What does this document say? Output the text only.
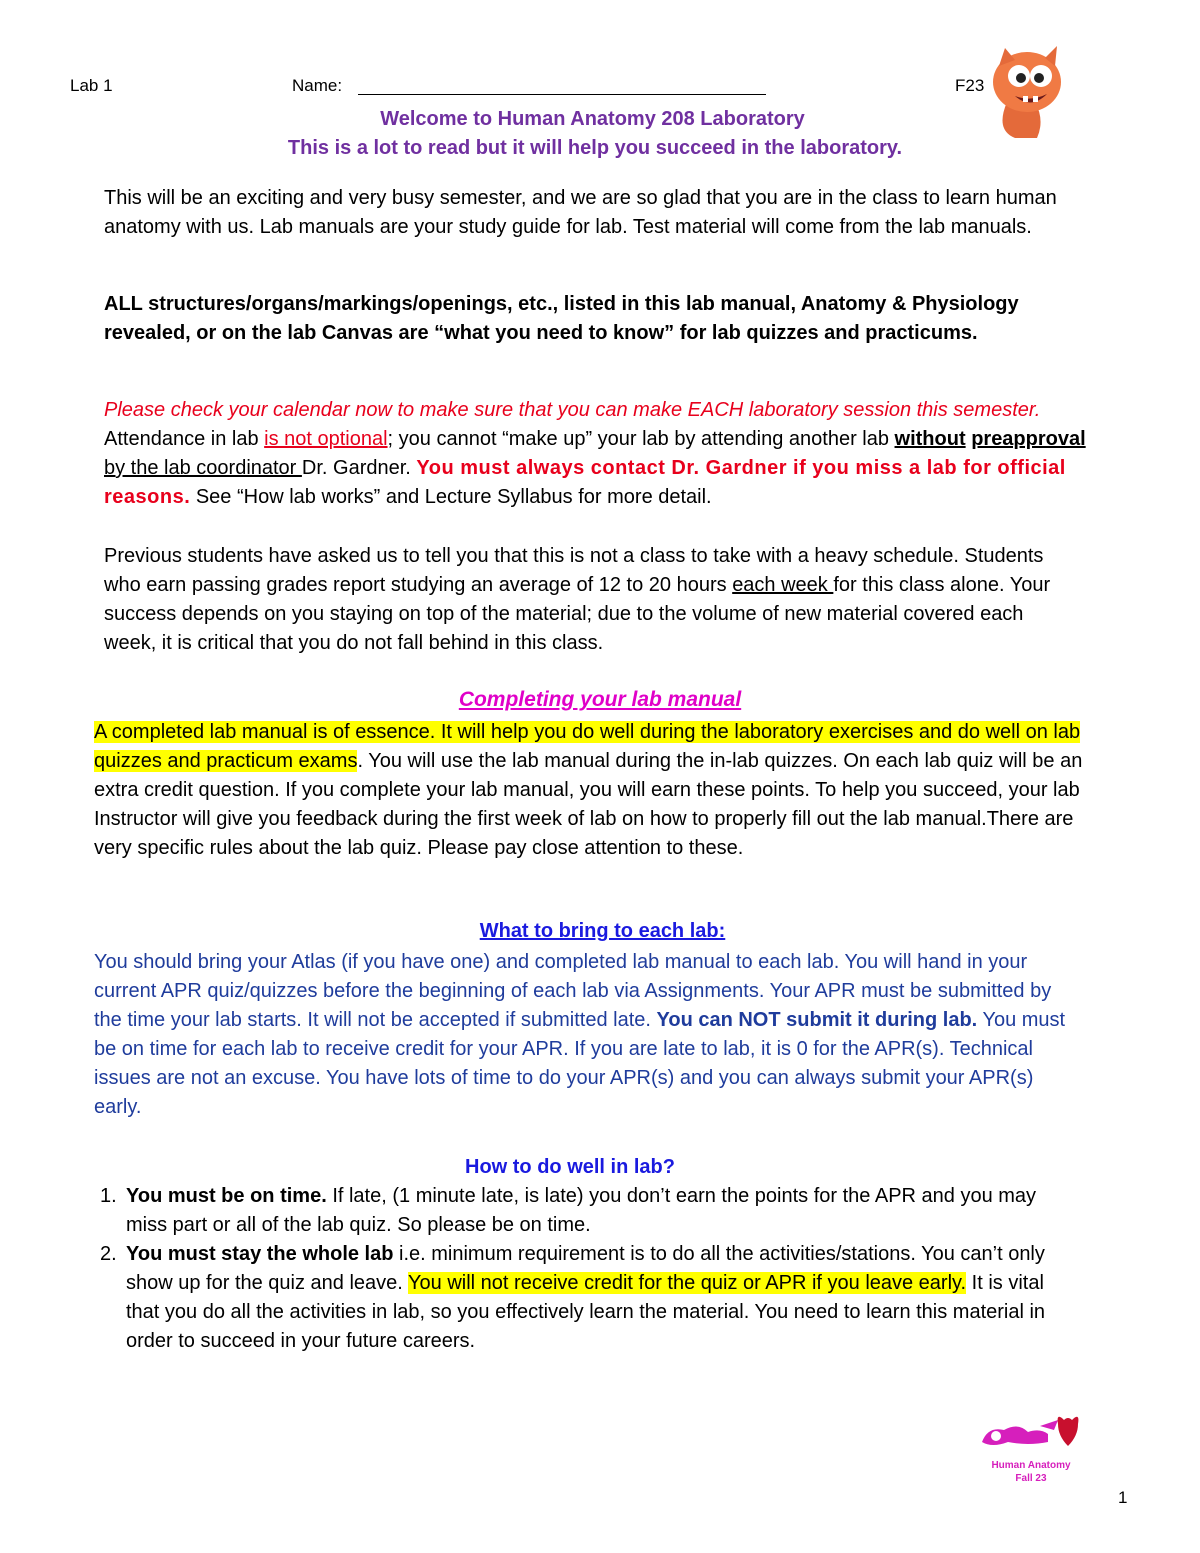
Lab 1	Name:	F23
Welcome to Human Anatomy 208 Laboratory
This is a lot to read but it will help you succeed in the laboratory.
This will be an exciting and very busy semester, and we are so glad that you are in the class to learn human anatomy with us. Lab manuals are your study guide for lab. Test material will come from the lab manuals.
ALL structures/organs/markings/openings, etc., listed in this lab manual, Anatomy & Physiology revealed, or on the lab Canvas are “what you need to know” for lab quizzes and practicums.
Please check your calendar now to make sure that you can make EACH laboratory session this semester.
Attendance in lab is not optional; you cannot “make up” your lab by attending another lab without preapproval by the lab coordinator Dr. Gardner. You must always contact Dr. Gardner if you miss a lab for official reasons. See “How lab works” and Lecture Syllabus for more detail.
Previous students have asked us to tell you that this is not a class to take with a heavy schedule. Students who earn passing grades report studying an average of 12 to 20 hours each week for this class alone. Your success depends on you staying on top of the material; due to the volume of new material covered each week, it is critical that you do not fall behind in this class.
Completing your lab manual
A completed lab manual is of essence. It will help you do well during the laboratory exercises and do well on lab quizzes and practicum exams. You will use the lab manual during the in-lab quizzes. On each lab quiz will be an extra credit question. If you complete your lab manual, you will earn these points. To help you succeed, your lab Instructor will give you feedback during the first week of lab on how to properly fill out the lab manual.There are very specific rules about the lab quiz. Please pay close attention to these.
What to bring to each lab:
You should bring your Atlas (if you have one) and completed lab manual to each lab. You will hand in your current APR quiz/quizzes before the beginning of each lab via Assignments. Your APR must be submitted by the time your lab starts. It will not be accepted if submitted late. You can NOT submit it during lab. You must be on time for each lab to receive credit for your APR. If you are late to lab, it is 0 for the APR(s). Technical issues are not an excuse. You have lots of time to do your APR(s) and you can always submit your APR(s) early.
How to do well in lab?
1. You must be on time. If late, (1 minute late, is late) you don’t earn the points for the APR and you may miss part or all of the lab quiz. So please be on time.
2. You must stay the whole lab i.e. minimum requirement is to do all the activities/stations. You can’t only show up for the quiz and leave. You will not receive credit for the quiz or APR if you leave early. It is vital that you do all the activities in lab, so you effectively learn the material. You need to learn this material in order to succeed in your future careers.
Human Anatomy
Fall 23
1
